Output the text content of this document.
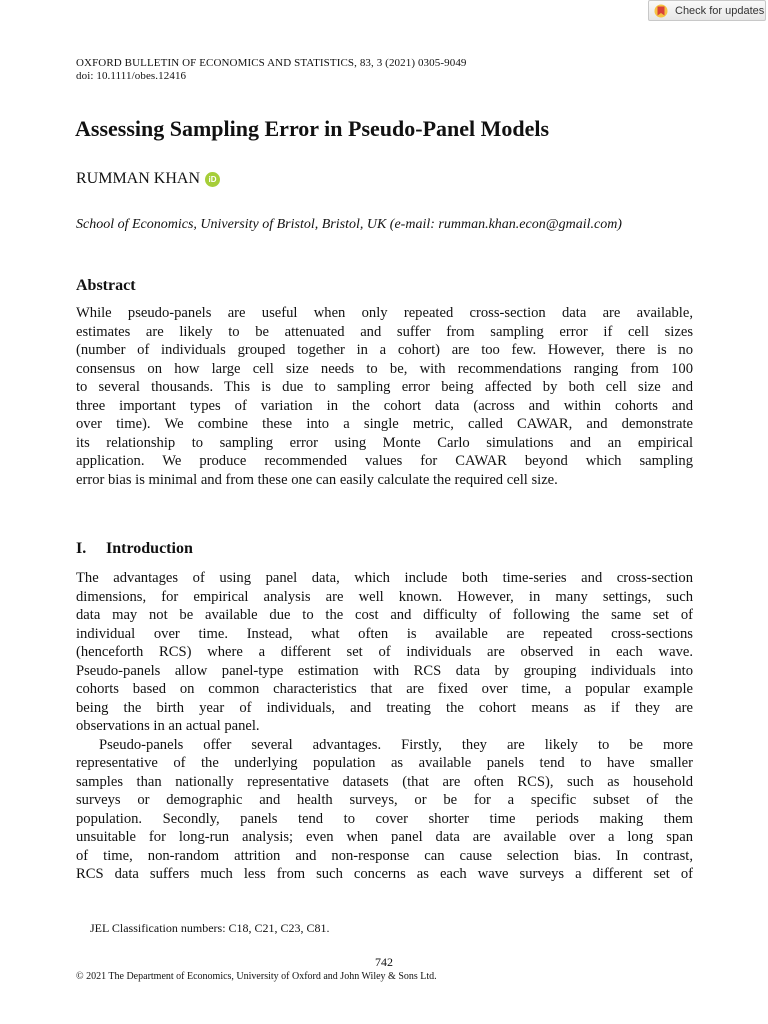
Check for updates
OXFORD BULLETIN OF ECONOMICS AND STATISTICS, 83, 3 (2021) 0305-9049
doi: 10.1111/obes.12416
Assessing Sampling Error in Pseudo-Panel Models
R UMMAN
K HAN	iD
School of Economics, University of Bristol, Bristol, UK (e-mail: rumman.khan.econ@gmail.com)
Abstract
While pseudo-panels are useful when only repeated cross-section data are available,
estimates are likely to be attenuated and suffer from sampling error if cell sizes
(number of individuals grouped together in a cohort) are too few. However, there is no
consensus on how large cell size needs to be, with recommendations ranging from 100
to several thousands. This is due to sampling error being affected by both cell size and
three important types of variation in the cohort data (across and within cohorts and
over time). We combine these into a single metric, called CAWAR, and demonstrate
its relationship to sampling error using Monte Carlo simulations and an empirical
application. We produce recommended values for CAWAR beyond which sampling
error bias is minimal and from these one can easily calculate the required cell size.
I. Introduction
The advantages of using panel data, which include both time-series and cross-section
dimensions, for empirical analysis are well known. However, in many settings, such
data may not be available due to the cost and difficulty of following the same set of
individual over time. Instead, what often is available are repeated cross-sections
(henceforth RCS) where a different set of individuals are observed in each wave.
Pseudo-panels allow panel-type estimation with RCS data by grouping individuals into
cohorts based on common characteristics that are fixed over time, a popular example
being the birth year of individuals, and treating the cohort means as if they are
observations in an actual panel.
Pseudo-panels offer several advantages. Firstly, they are likely to be more
representative of the underlying population as available panels tend to have smaller
samples than nationally representative datasets (that are often RCS), such as household
surveys or demographic and health surveys, or be for a specific subset of the
population. Secondly, panels tend to cover shorter time periods making them
unsuitable for long-run analysis; even when panel data are available over a long span
of time, non-random attrition and non-response can cause selection bias. In contrast,
RCS data suffers much less from such concerns as each wave surveys a different set of
JEL Classification numbers: C18, C21, C23, C81.
742
© 2021 The Department of Economics, University of Oxford and John Wiley & Sons Ltd.
